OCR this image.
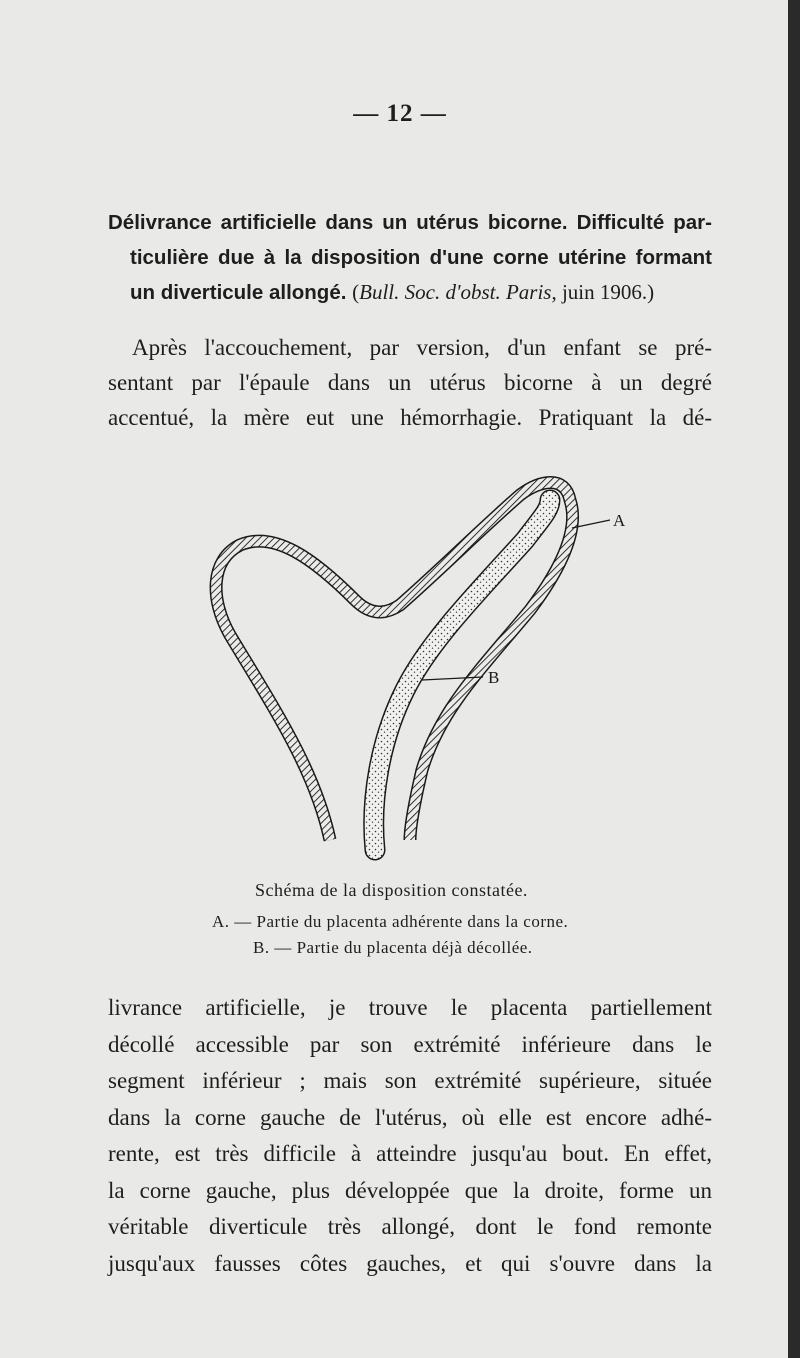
— 12 —

Délivrance artificielle dans un utérus bicorne. Difficulté par-

ticulière due à la disposition d'une corne utérine formant

un diverticule allongé. (Bull. Soc. d'obst. Paris, juin 1906.)

Après l'accouchement, par version, d'un enfant se pré-

sentant par l'épaule dans un utérus bicorne à un degré

accentué, la mère eut une hémorrhagie. Pratiquant la dé-

A
B
Schéma de la disposition constatée.
A. — Partie du placenta adhérente dans la corne.
B. — Partie du placenta déjà décollée.

livrance artificielle, je trouve le placenta partiellement

décollé accessible par son extrémité inférieure dans le

segment inférieur ; mais son extrémité supérieure, située

dans la corne gauche de l'utérus, où elle est encore adhé-

rente, est très difficile à atteindre jusqu'au bout. En effet,

la corne gauche, plus développée que la droite, forme un

véritable diverticule très allongé, dont le fond remonte

jusqu'aux fausses côtes gauches, et qui s'ouvre dans la
